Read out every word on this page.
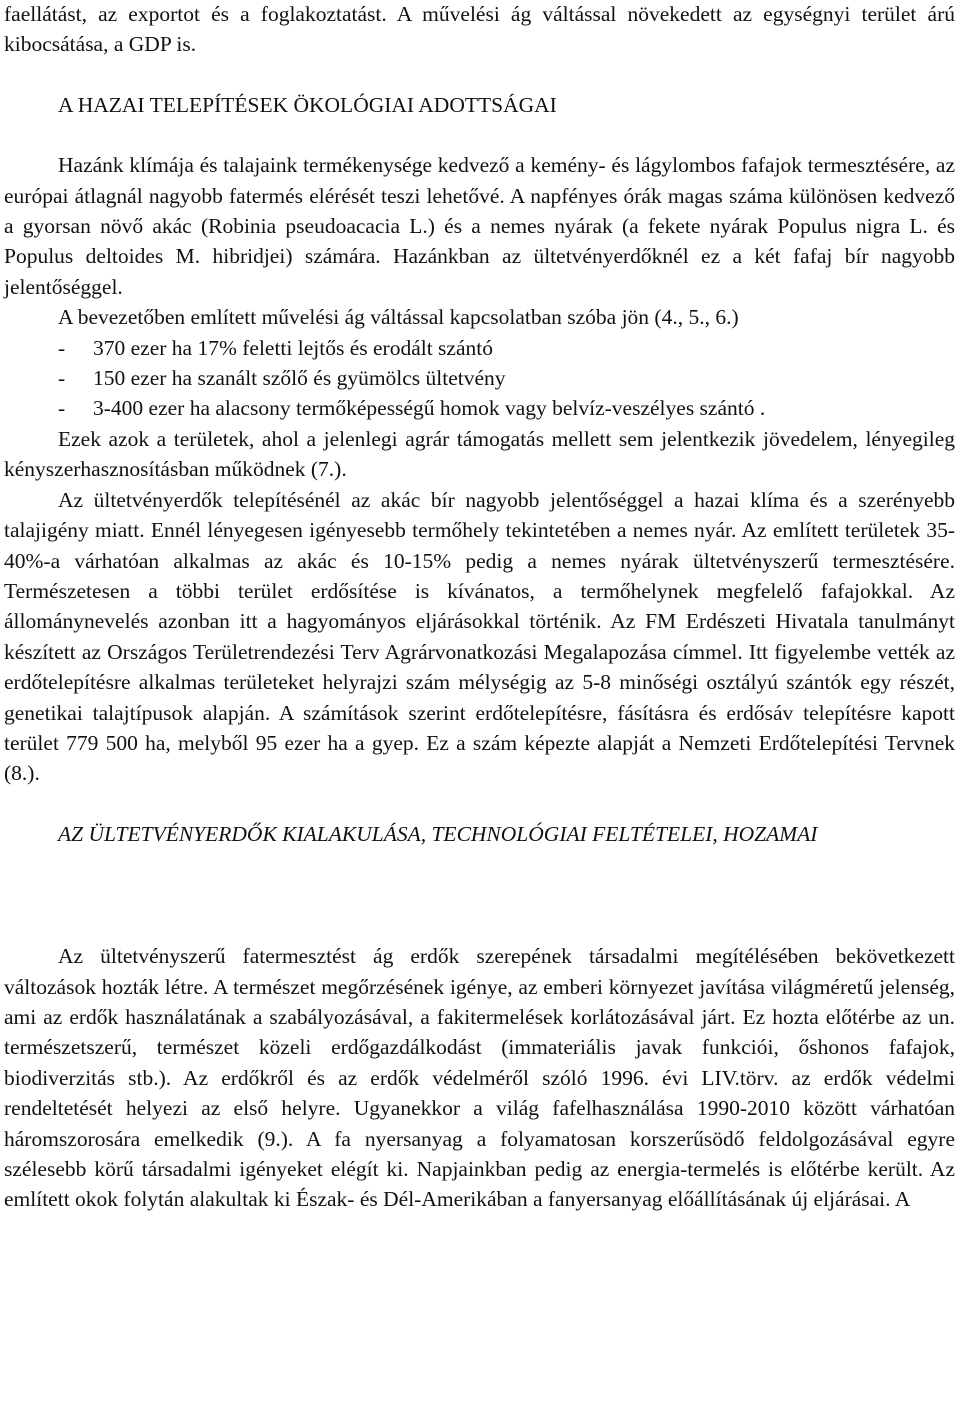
faellátást, az exportot és a foglakoztatást. A művelési ág váltással növekedett az egységnyi terület árú kibocsátása, a GDP is.

A HAZAI TELEPÍTÉSEK ÖKOLÓGIAI ADOTTSÁGAI

Hazánk klímája és talajaink termékenysége kedvező a kemény- és lágylombos fafajok termesztésére, az európai átlagnál nagyobb fatermés elérését teszi lehetővé. A napfényes órák magas száma különösen kedvező a gyorsan növő akác (Robinia pseudoacacia L.) és a nemes nyárak (a fekete nyárak Populus nigra L. és Populus deltoides M. hibridjei) számára. Hazánkban az ültetvényerdőknél ez a két fafaj bír nagyobb jelentőséggel.

A bevezetőben említett művelési ág váltással kapcsolatban szóba jön (4., 5., 6.)

-	370 ezer ha 17% feletti lejtős és erodált szántó
-	150 ezer ha szanált szőlő és gyümölcs ültetvény
-	3-400 ezer ha alacsony termőképességű homok vagy belvíz-veszélyes szántó .

Ezek azok a területek, ahol a jelenlegi agrár támogatás mellett sem jelentkezik jövedelem, lényegileg kényszerhasznosításban működnek (7.).

Az ültetvényerdők telepítésénél az akác bír nagyobb jelentőséggel a hazai klíma és a szerényebb talajigény miatt. Ennél lényegesen igényesebb termőhely tekintetében a nemes nyár. Az említett területek 35-40%-a várhatóan alkalmas az akác és 10-15% pedig a nemes nyárak ültetvényszerű termesztésére. Természetesen a többi terület erdősítése is kívánatos, a termőhelynek megfelelő fafajokkal. Az állománynevelés azonban itt a hagyományos eljárásokkal történik. Az FM Erdészeti Hivatala tanulmányt készített az Országos Területrendezési Terv Agrárvonatkozási Megalapozása címmel. Itt figyelembe vették az erdőtelepítésre alkalmas területeket helyrajzi szám mélységig az 5-8 minőségi osztályú szántók egy részét, genetikai talajtípusok alapján. A számítások szerint erdőtelepítésre, fásításra és erdősáv telepítésre kapott terület 779 500 ha, melyből 95 ezer ha a gyep. Ez a szám képezte alapját a Nemzeti Erdőtelepítési Tervnek (8.).

AZ ÜLTETVÉNYERDŐK KIALAKULÁSA, TECHNOLÓGIAI FELTÉTELEI, HOZAMAI

Az ültetvényszerű fatermesztést ág erdők szerepének társadalmi megítélésében bekövetkezett változások hozták létre. A természet megőrzésének igénye, az emberi környezet javítása világméretű jelenség, ami az erdők használatának a szabályozásával, a fakitermelések korlátozásával járt. Ez hozta előtérbe az un. természetszerű, természet közeli erdőgazdálkodást (immateriális javak funkciói, őshonos fafajok, biodiverzitás stb.). Az erdőkről és az erdők védelméről szóló 1996. évi LIV.törv. az erdők védelmi rendeltetését helyezi az első helyre. Ugyanekkor a világ fafelhasználása 1990-2010 között várhatóan háromszorosára emelkedik (9.). A fa nyersanyag a folyamatosan korszerűsödő feldolgozásával egyre szélesebb körű társadalmi igényeket elégít ki. Napjainkban pedig az energia-termelés is előtérbe került. Az említett okok folytán alakultak ki Észak- és Dél-Amerikában a fanyersanyag előállításának új eljárásai. A
